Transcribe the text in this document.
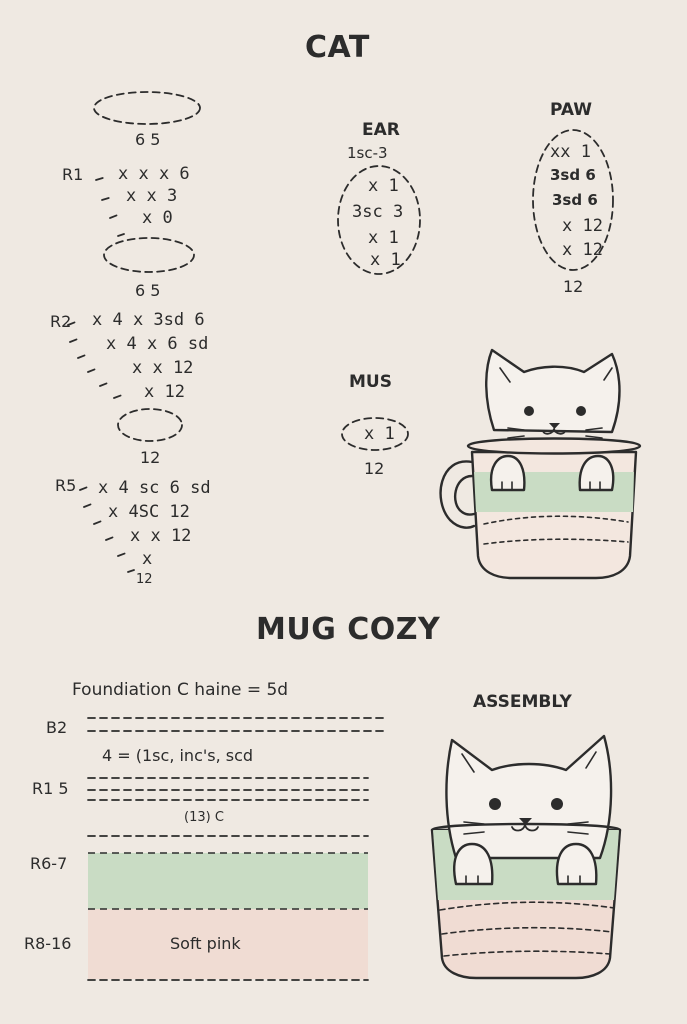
CAT
MUG COZY
ASSEMBLY
6 5
R1 x x x 6
x x 3
x 0
6 5
R2 x 4 x 3sd 6
x 4 x 6 sd
x x 12
x 12
12
R5 x 4 sc 6 sd
x 4SC 12
x x 12
x
12
EAR
1sc-3
x 1
3sc 3
x 1
x 1
PAW
xx 1
3sd 6
3sd 6
x 12
x 12
12
MUS
x 1
12
Foundiation C haine = 5d
B2
4 = (1sc, inc's, scd
R1 5
(13) C
R6-7
R8-16	Soft pink
